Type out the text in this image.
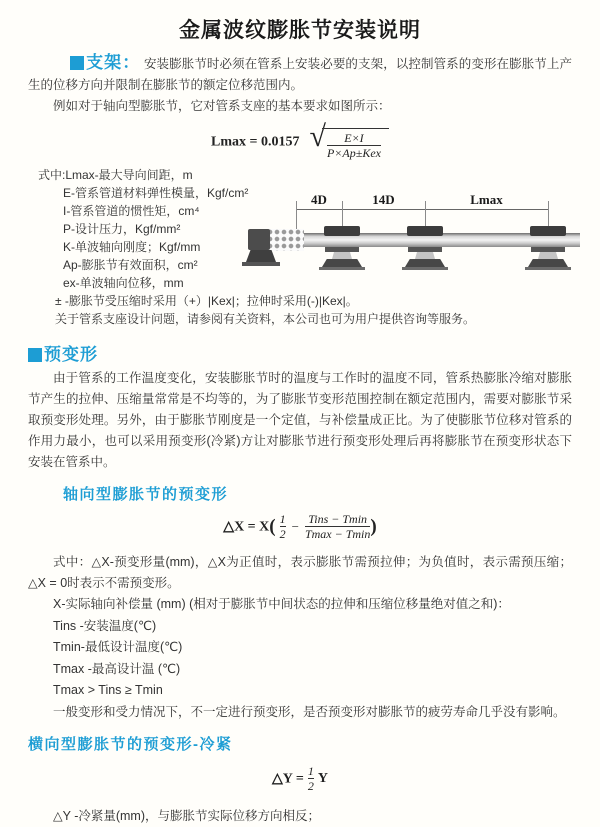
金属波纹膨胀节安装说明

支架： 安装膨胀节时必须在管系上安装必要的支架，以控制管系的变形在膨胀节上产生的位移方向并限制在膨胀节的额定位移范围内。

例如对于轴向型膨胀节，它对管系支座的基本要求如图所示：

Lmax = 0.0157 √ $\frac{E\times I}{\text{P×Ap±Kex}}$
式中:Lmax-最大导向间距，m
E-管系管道材料弹性模量，Kgf/cm²
I-管系管道的惯性矩，cm⁴
P-设计压力，Kgf/mm²
K-单波轴向刚度；Kgf/mm
Ap-膨胀节有效面积，cm²
ex-单波轴向位移，mm
± -膨胀节受压缩时采用（+）|Kex|；拉伸时采用(-)|Kex|。
关于管系支座设计问题，请参阅有关资料，本公司也可为用户提供咨询等服务。
4D	14D	Lmax
预变形

由于管系的工作温度变化，安装膨胀节时的温度与工作时的温度不同，管系热膨胀冷缩对膨胀节产生的拉伸、压缩量常常是不均等的，为了膨胀节变形范围控制在额定范围内，需要对膨胀节采取预变形处理。另外，由于膨胀节刚度是一个定值，与补偿量成正比。为了使膨胀节位移对管系的作用力最小，也可以采用预变形(冷紧)方让对膨胀节进行预变形处理后再将膨胀节在预变形状态下安装在管系中。

轴向型膨胀节的预变形
△X = $X( \frac{1}{2} - \frac{\text{Tins − Tmin}}{Tmax - Tmin}$ )

式中：△X-预变形量(mm)，△X为正值时，表示膨胀节需预拉伸；为负值时，表示需预压缩；△X = 0时表示不需预变形。

X-实际轴向补偿量 (mm) (相对于膨胀节中间状态的拉伸和压缩位移量绝对值之和)：
Tins -安装温度(℃)
Tmin-最低设计温度(℃)
Tmax -最高设计温 (℃)
Tmax > Tins ≥ Tmin

一般变形和受力情况下，不一定进行预变形，是否预变形对膨胀节的疲劳寿命几乎没有影响。

横向型膨胀节的预变形-冷紧
△Y = $\frac{1}{2}$ Y

△Y -冷紧量(mm)，与膨胀节实际位移方向相反；
